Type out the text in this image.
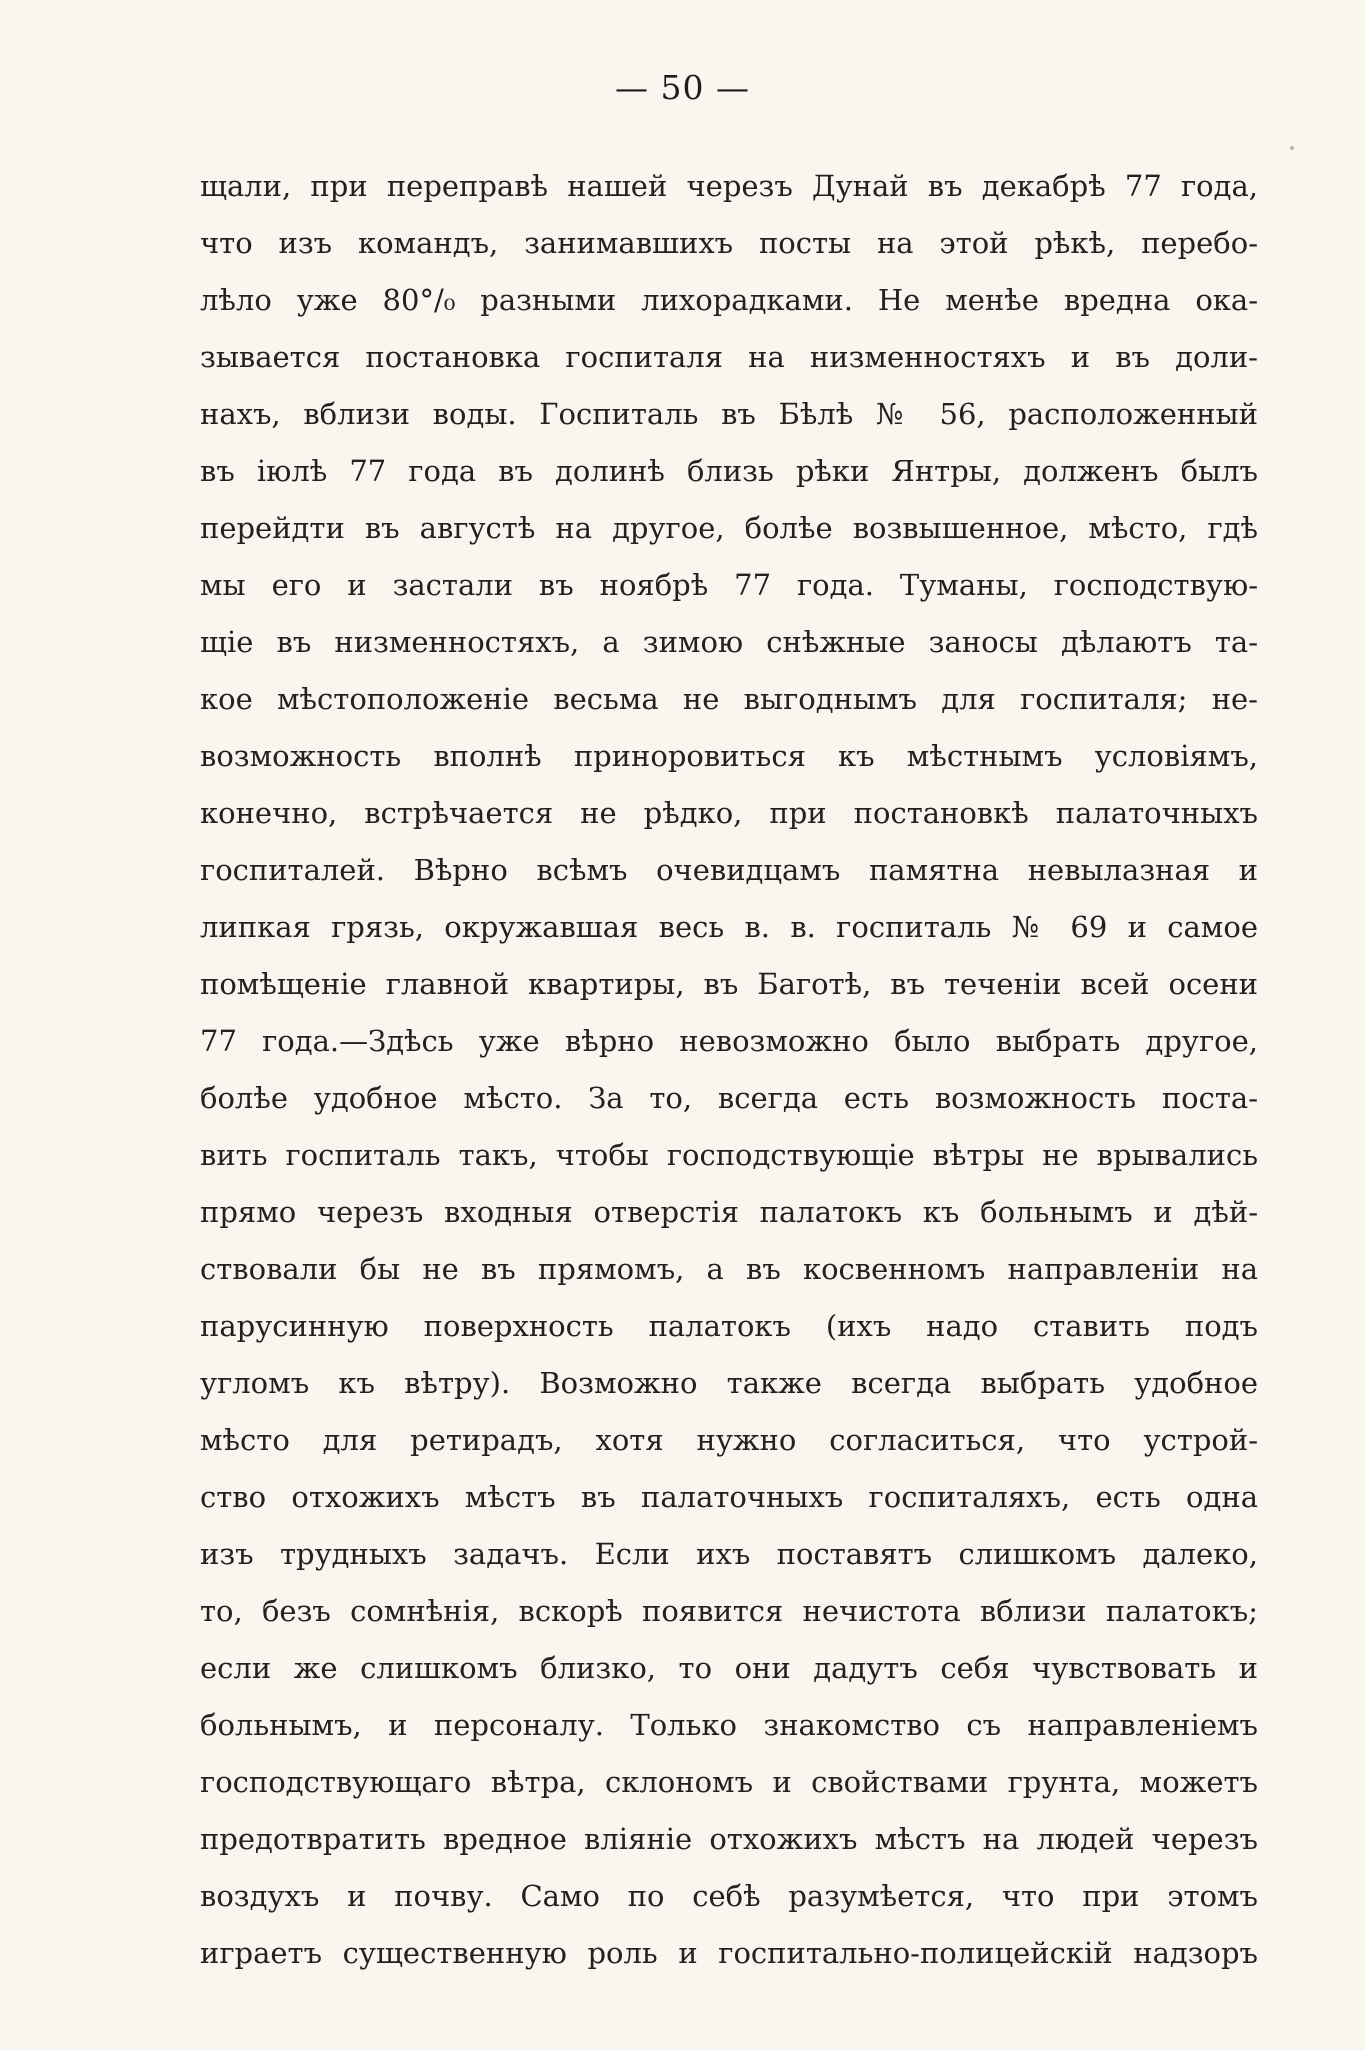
— 50 —
щали, при переправѣ нашей черезъ Дунай въ декабрѣ 77 года,
что изъ командъ, занимавшихъ посты на этой рѣкѣ, перебо-
лѣло уже 80°/₀ разными лихорадками. Не менѣе вредна ока-
зывается постановка госпиталя на низменностяхъ и въ доли-
нахъ, вблизи воды. Госпиталь въ Бѣлѣ № 56, расположенный
въ іюлѣ 77 года въ долинѣ близь рѣки Янтры, долженъ былъ
перейдти въ августѣ на другое, болѣе возвышенное, мѣсто, гдѣ
мы его и застали въ ноябрѣ 77 года. Туманы, господствую-
щіе въ низменностяхъ, а зимою снѣжные заносы дѣлаютъ та-
кое мѣстоположеніе весьма не выгоднымъ для госпиталя; не-
возможность вполнѣ приноровиться къ мѣстнымъ условіямъ,
конечно, встрѣчается не рѣдко, при постановкѣ палаточныхъ
госпиталей. Вѣрно всѣмъ очевидцамъ памятна невылазная и
липкая грязь, окружавшая весь в. в. госпиталь № 69 и самое
помѣщеніе главной квартиры, въ Баготѣ, въ теченіи всей осени
77 года.—Здѣсь уже вѣрно невозможно было выбрать другое,
болѣе удобное мѣсто. За то, всегда есть возможность поста-
вить госпиталь такъ, чтобы господствующіе вѣтры не врывались
прямо черезъ входныя отверстія палатокъ къ больнымъ и дѣй-
ствовали бы не въ прямомъ, а въ косвенномъ направленіи на
парусинную поверхность палатокъ (ихъ надо ставить подъ
угломъ къ вѣтру). Возможно также всегда выбрать удобное
мѣсто для ретирадъ, хотя нужно согласиться, что устрой-
ство отхожихъ мѣстъ въ палаточныхъ госпиталяхъ, есть одна
изъ трудныхъ задачъ. Если ихъ поставятъ слишкомъ далеко,
то, безъ сомнѣнія, вскорѣ появится нечистота вблизи палатокъ;
если же слишкомъ близко, то они дадутъ себя чувствовать и
больнымъ, и персоналу. Только знакомство съ направленіемъ
господствующаго вѣтра, склономъ и свойствами грунта, можетъ
предотвратить вредное вліяніе отхожихъ мѣстъ на людей черезъ
воздухъ и почву. Само по себѣ разумѣется, что при этомъ
играетъ существенную роль и госпитально-полицейскій надзоръ
